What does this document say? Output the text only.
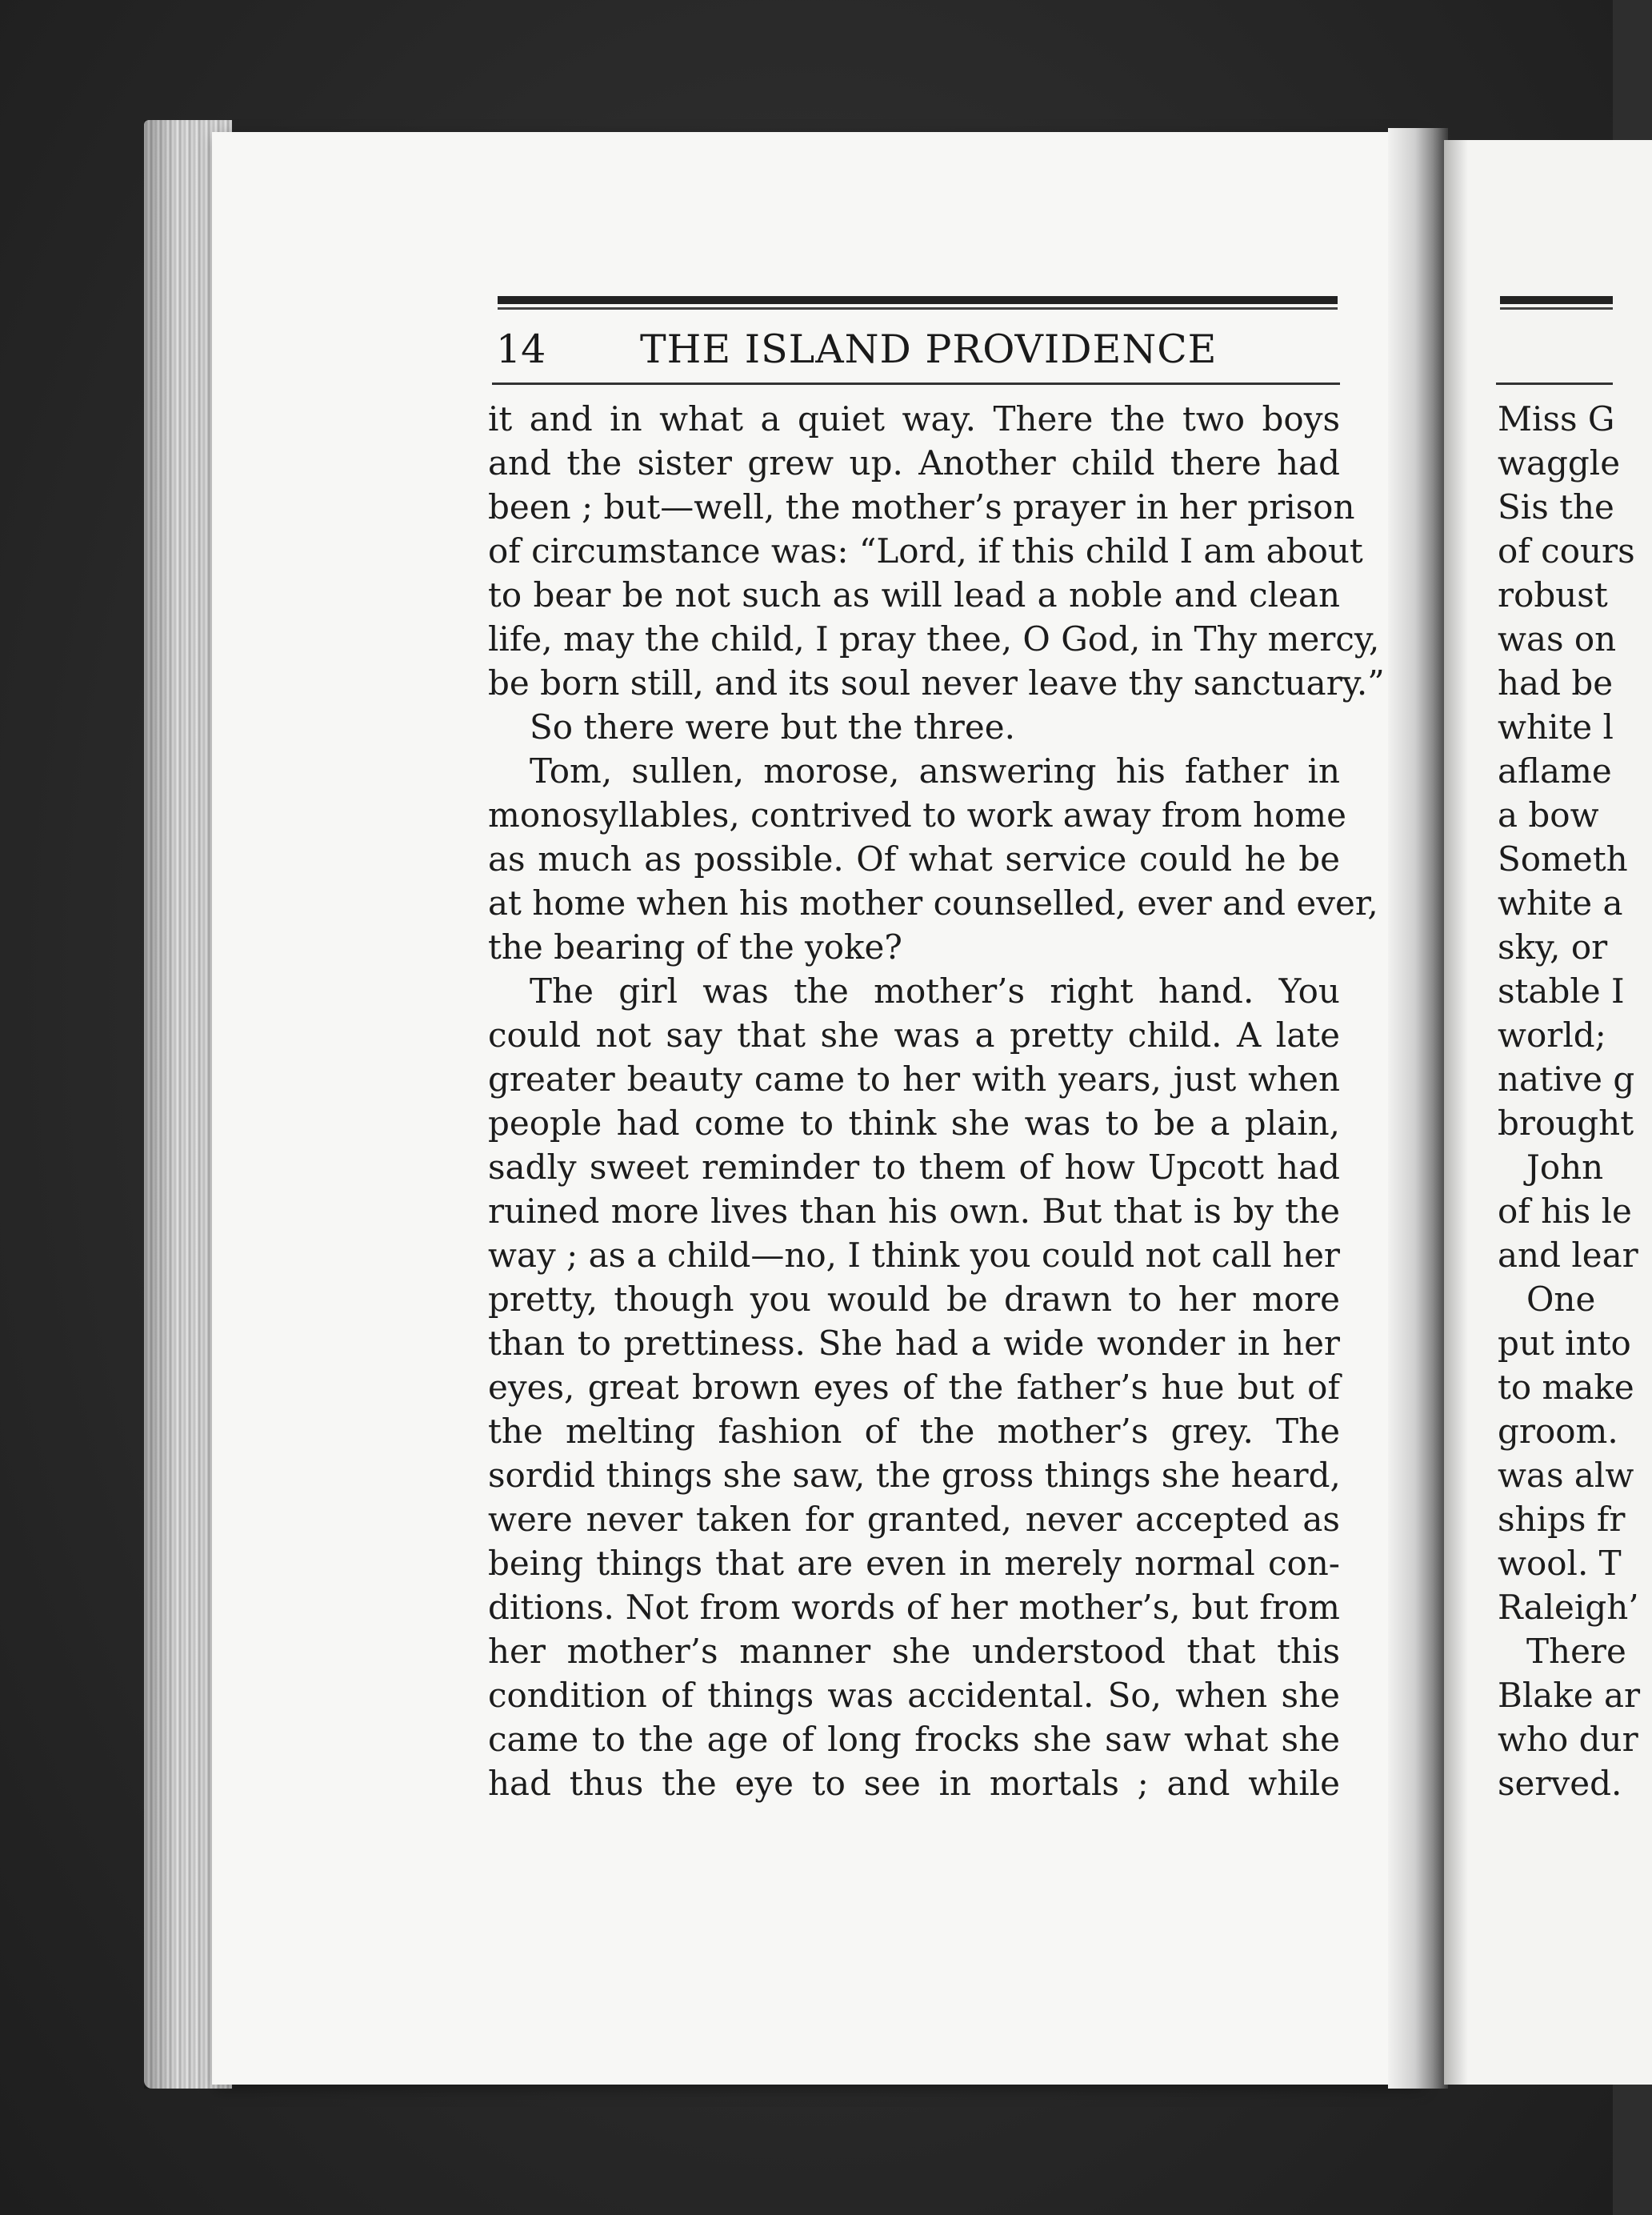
14 THE ISLAND PROVIDENCE
it and in what a quiet way. There the two boys
and the sister grew up. Another child there had
been ; but—well, the mother’s prayer in her prison
of circumstance was: “Lord, if this child I am about
to bear be not such as will lead a noble and clean
life, may the child, I pray thee, O God, in Thy mercy,
be born still, and its soul never leave thy sanctuary.”
So there were but the three.
Tom, sullen, morose, answering his father in
monosyllables, contrived to work away from home
as much as possible. Of what service could he be
at home when his mother counselled, ever and ever,
the bearing of the yoke?
The girl was the mother’s right hand. You
could not say that she was a pretty child. A late
greater beauty came to her with years, just when
people had come to think she was to be a plain,
sadly sweet reminder to them of how Upcott had
ruined more lives than his own. But that is by the
way ; as a child—no, I think you could not call her
pretty, though you would be drawn to her more
than to prettiness. She had a wide wonder in her
eyes, great brown eyes of the father’s hue but of
the melting fashion of the mother’s grey. The
sordid things she saw, the gross things she heard,
were never taken for granted, never accepted as
being things that are even in merely normal con-
ditions. Not from words of her mother’s, but from
her mother’s manner she understood that this
condition of things was accidental. So, when she
came to the age of long frocks she saw what she
had thus the eye to see in mortals ; and while
Miss G
waggle
Sis the
of cours
robust
was on
had be
white l
aflame
a bow
Someth
white a
sky, or
stable I
world;
native g
brought
John
of his le
and lear
One
put into
to make
groom.
was alw
ships fr
wool. T
Raleigh’
There
Blake ar
who dur
served.
